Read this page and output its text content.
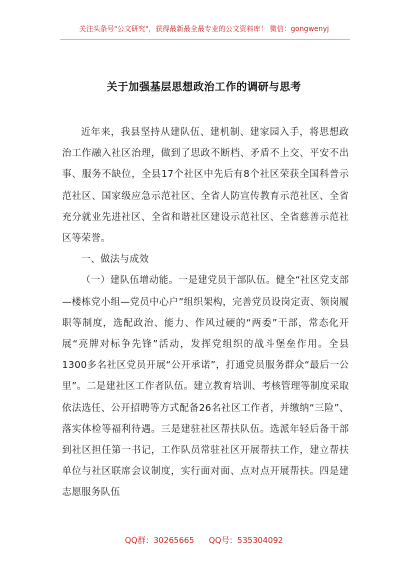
关注头条号"公文研究"，获得最新最全最专业的公文资料库！ 微信：gongwenyj
关于加强基层思想政治工作的调研与思考

近年来，我县坚持从建队伍、建机制、建家园入手，将思想政治工作融入社区治理，做到了思政不断档、矛盾不上交、平安不出事、服务不缺位，全县17个社区中先后有8个社区荣获全国科普示范社区、国家级应急示范社区、全省人防宣传教育示范社区、全省充分就业先进社区、全省和谐社区建设示范社区、全省慈善示范社区等荣誉。

一、做法与成效

（一）建队伍增动能。一是建党员干部队伍。健全“社区党支部—楼栋党小组—党员中心户”组织架构，完善党员设岗定责、领岗履职等制度，选配政治、能力、作风过硬的“两委”干部，常态化开展“亮牌对标争先锋”活动，发挥党组织的战斗堡垒作用。全县1300多名社区党员开展“公开承诺”，打通党员服务群众“最后一公里”。二是建社区工作者队伍。建立教育培训、考核管理等制度采取依法选任、公开招聘等方式配备26名社区工作者，并缴纳“三险”、落实体检等福利待遇。三是建驻社区帮扶队伍。选派年轻后备干部到社区担任第一书记，工作队员常驻社区开展帮扶工作，建立帮扶单位与社区联席会议制度，实行面对面、点对点开展帮扶。四是建志愿服务队伍

QQ群：30265665 QQ号：535304092
